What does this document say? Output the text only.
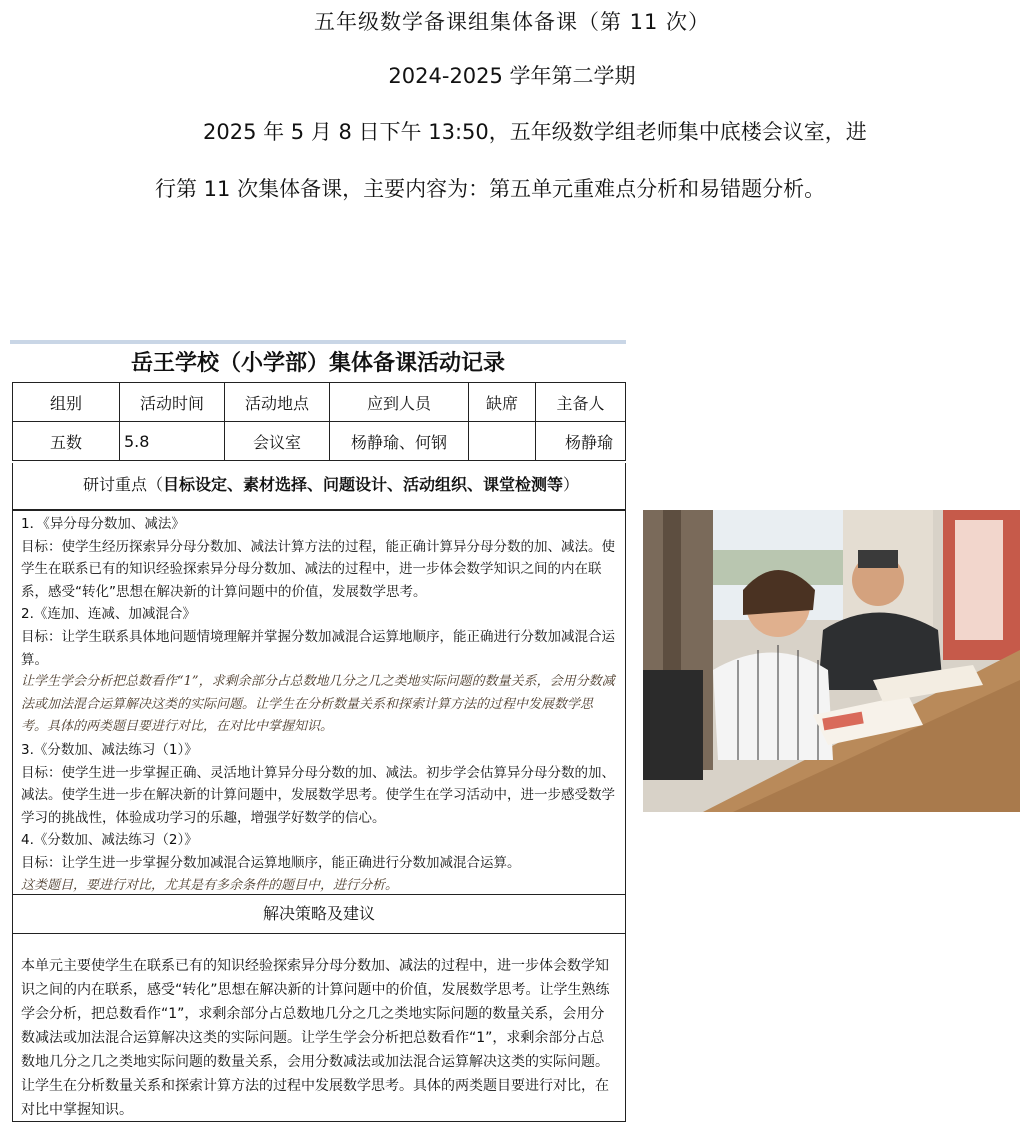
五年级数学备课组集体备课（第 11 次）
2024-2025 学年第二学期

2025 年 5 月 8 日下午 13:50，五年级数学组老师集中底楼会议室，进行第 11 次集体备课，主要内容为：第五单元重难点分析和易错题分析。

岳王学校（小学部）集体备课活动记录
组别	活动时间	活动地点	应到人员	缺席	主备人
五数	5.8	会议室	杨静瑜、何钢		杨静瑜
研讨重点（目标设定、素材选择、问题设计、活动组织、课堂检测等）
1．《异分母分数加、减法》
目标：使学生经历探索异分母分数加、减法计算方法的过程，能正确计算异分母分数的加、减法。使学生在联系已有的知识经验探索异分母分数加、减法的过程中，进一步体会数学知识之间的内在联系，感受“转化”思想在解决新的计算问题中的价值，发展数学思考。
2.《连加、连减、加减混合》
目标：让学生联系具体地问题情境理解并掌握分数加减混合运算地顺序，能正确进行分数加减混合运算。
让学生学会分析把总数看作“1”，求剩余部分占总数地几分之几之类地实际问题的数量关系，会用分数减法或加法混合运算解决这类的实际问题。让学生在分析数量关系和探索计算方法的过程中发展数学思考。具体的两类题目要进行对比，在对比中掌握知识。
3.《分数加、减法练习（1）》
目标：使学生进一步掌握正确、灵活地计算异分母分数的加、减法。初步学会估算异分母分数的加、减法。使学生进一步在解决新的计算问题中，发展数学思考。使学生在学习活动中，进一步感受数学学习的挑战性，体验成功学习的乐趣，增强学好数学的信心。
4.《分数加、减法练习（2）》
目标：让学生进一步掌握分数加减混合运算地顺序，能正确进行分数加减混合运算。
这类题目，要进行对比，尤其是有多余条件的题目中，进行分析。
解决策略及建议
本单元主要使学生在联系已有的知识经验探索异分母分数加、减法的过程中，进一步体会数学知识之间的内在联系，感受“转化”思想在解决新的计算问题中的价值，发展数学思考。让学生熟练学会分析，把总数看作“1”，求剩余部分占总数地几分之几之类地实际问题的数量关系，会用分数减法或加法混合运算解决这类的实际问题。让学生学会分析把总数看作“1”，求剩余部分占总数地几分之几之类地实际问题的数量关系，会用分数减法或加法混合运算解决这类的实际问题。让学生在分析数量关系和探索计算方法的过程中发展数学思考。具体的两类题目要进行对比，在对比中掌握知识。
